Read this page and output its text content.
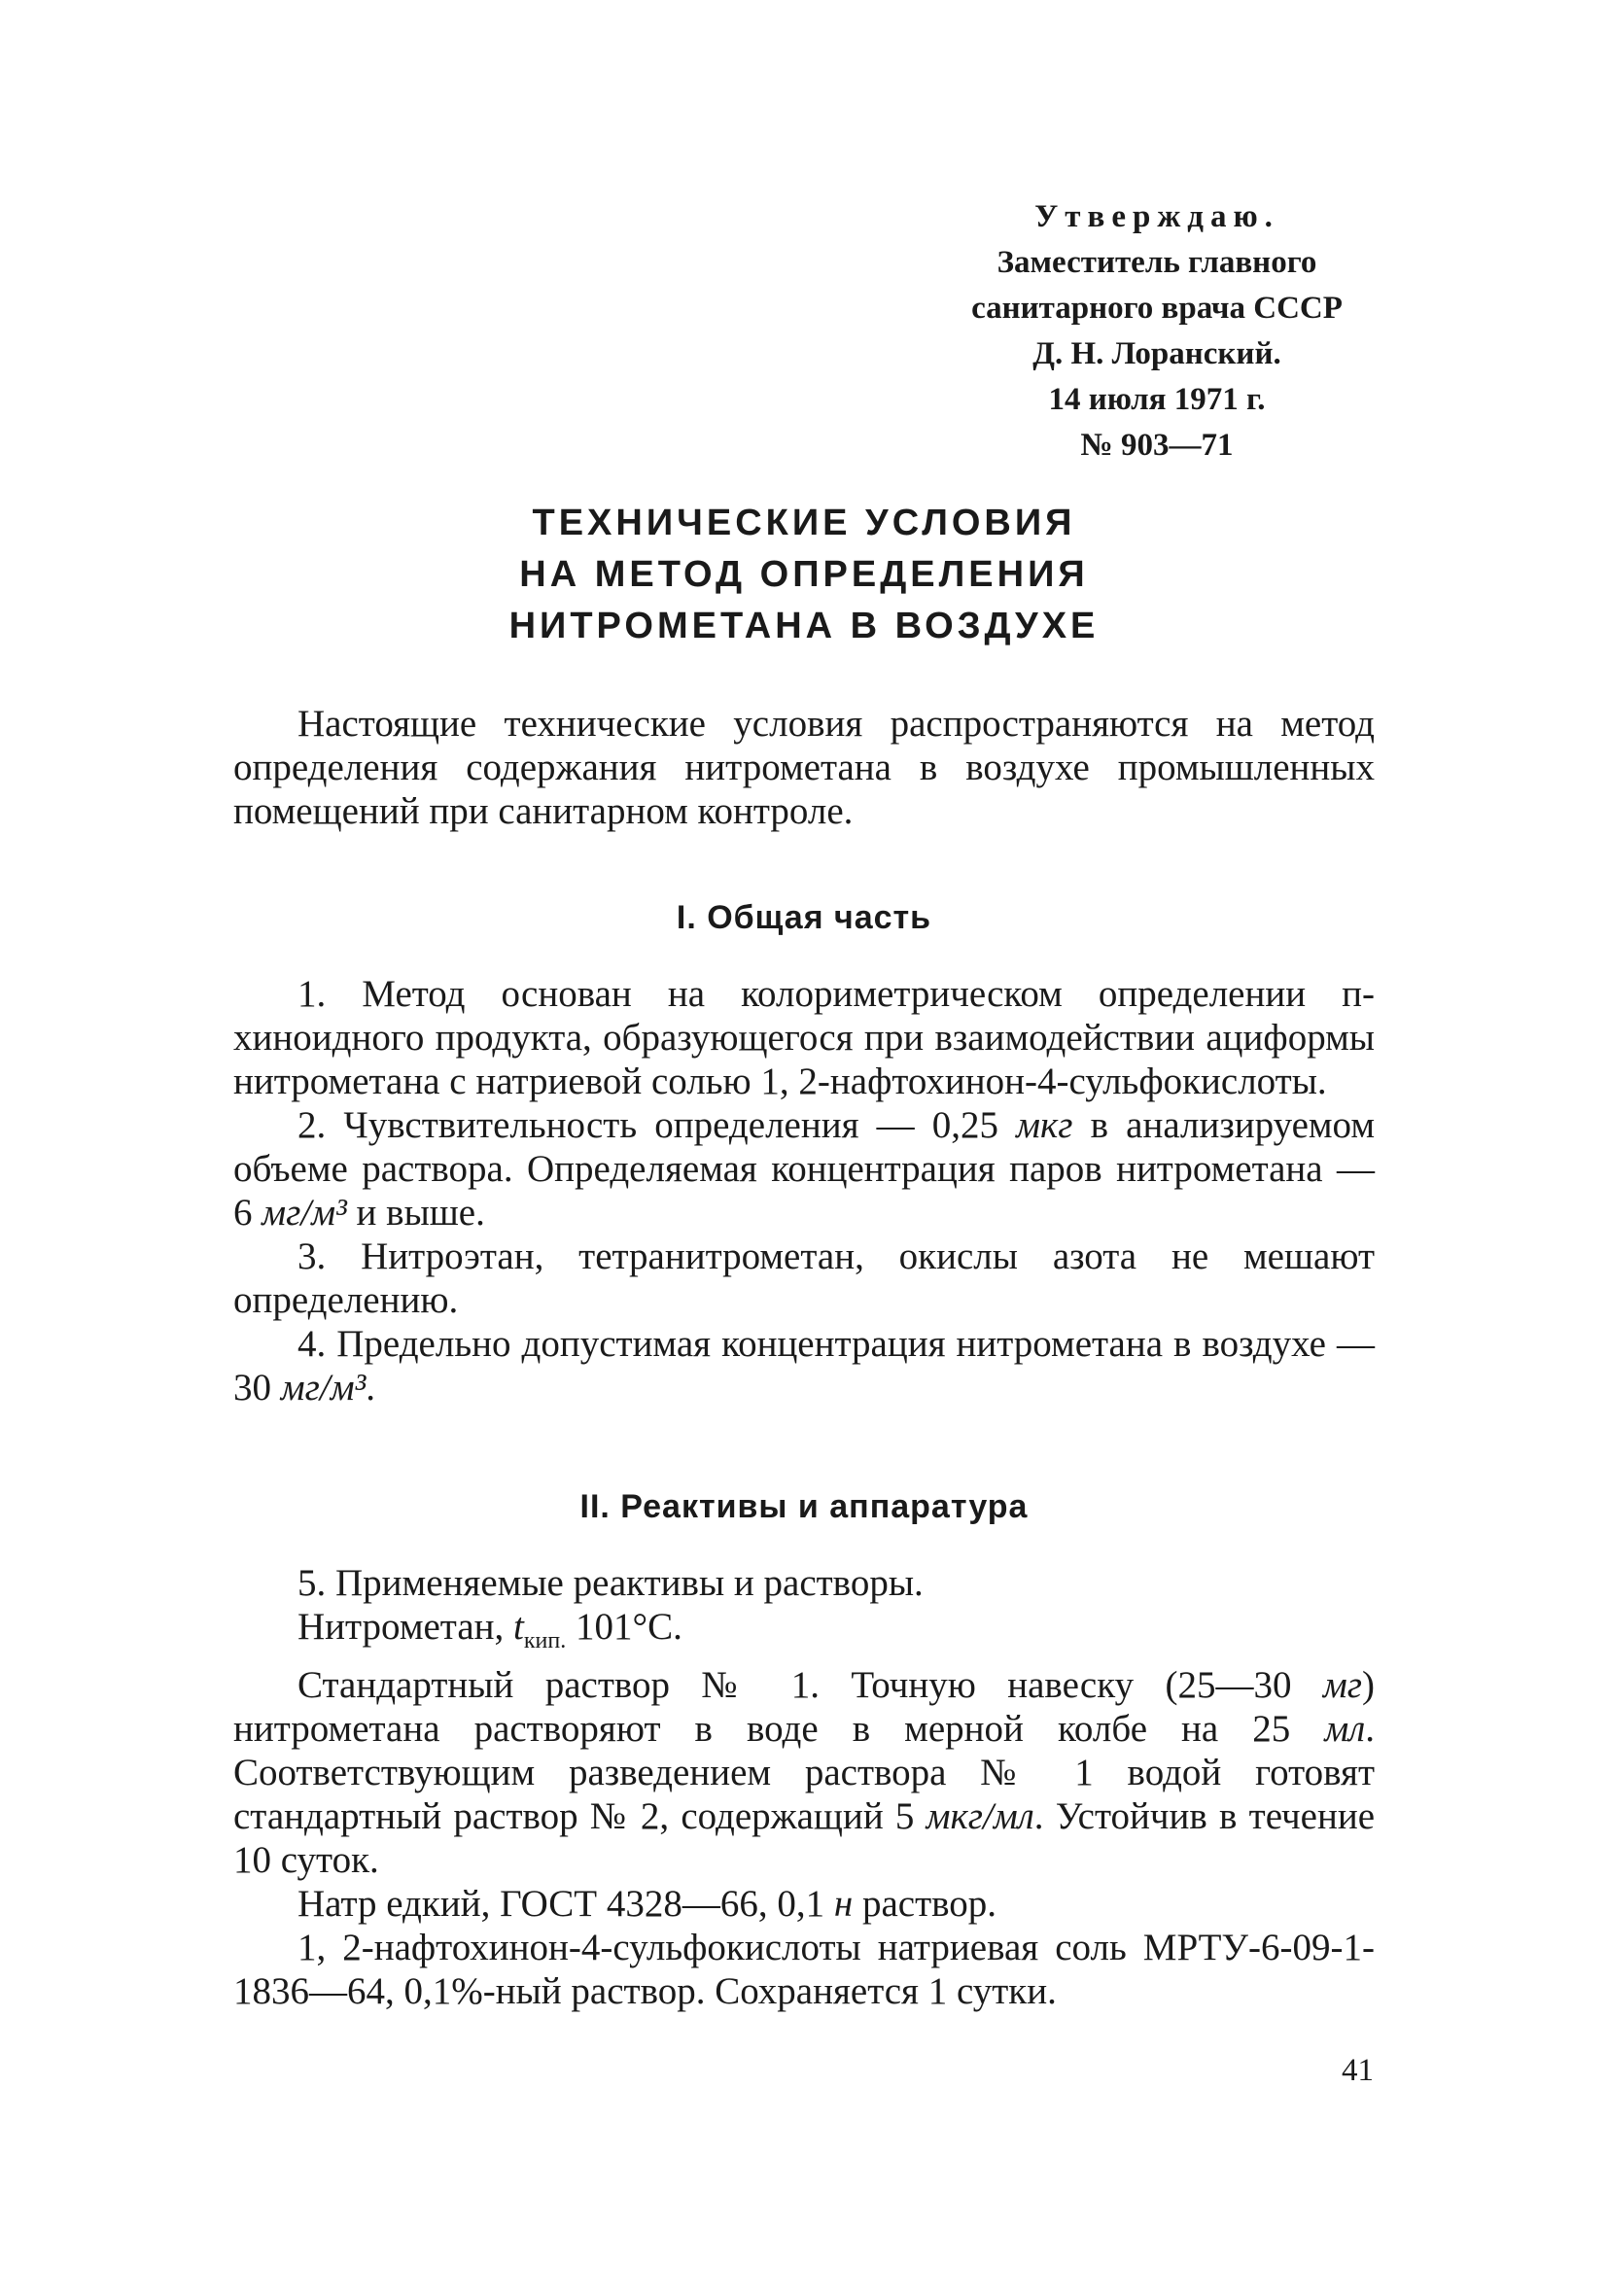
Утверждаю.
Заместитель главного
санитарного врача СССР
Д. Н. Лоранский.
14 июля 1971 г.
№ 903—71
ТЕХНИЧЕСКИЕ УСЛОВИЯ
НА МЕТОД ОПРЕДЕЛЕНИЯ
НИТРОМЕТАНА В ВОЗДУХЕ

Настоящие технические условия распространяются на метод определения содержания нитрометана в воздухе промышленных помещений при санитарном контроле.

I. Общая часть

1. Метод основан на колориметрическом определении п-хиноидного продукта, образующегося при взаимодействии ациформы нитрометана с натриевой солью 1, 2-нафтохинон-4-сульфокислоты.

2. Чувствительность определения — 0,25 мкг в анализируемом объеме раствора. Определяемая концентрация паров нитрометана — 6 мг/м³ и выше.

3. Нитроэтан, тетранитрометан, окислы азота не мешают определению.

4. Предельно допустимая концентрация нитрометана в воздухе — 30 мг/м³.

II. Реактивы и аппаратура

5. Применяемые реактивы и растворы.

Нитрометан, $t_{кип.}$ 101°С.

Стандартный раствор № 1. Точную навеску (25—30 мг) нитрометана растворяют в воде в мерной колбе на 25 мл. Соответствующим разведением раствора № 1 водой готовят стандартный раствор № 2, содержащий 5 мкг/мл. Устойчив в течение 10 суток.

Натр едкий, ГОСТ 4328—66, 0,1 н раствор.

1, 2-нафтохинон-4-сульфокислоты натриевая соль МРТУ-6-09-1-1836—64, 0,1%-ный раствор. Сохраняется 1 сутки.

41
